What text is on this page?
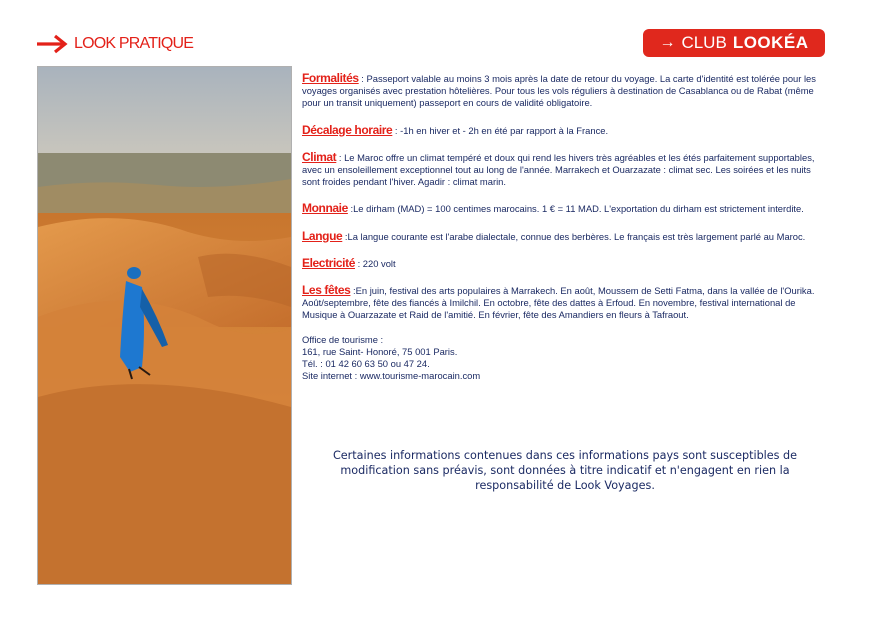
LOOK PRATIQUE	→ CLUB LOOKÉA
Formalités : Passeport valable au moins 3 mois après la date de retour du voyage. La carte d'identité est tolérée pour les voyages organisés avec prestation hôtelières. Pour tous les vols réguliers à destination de Casablanca ou de Rabat (même pour un transit uniquement) passeport en cours de validité obligatoire.
Décalage horaire : -1h en hiver et - 2h en été par rapport à la France.
Climat : Le Maroc offre un climat tempéré et doux qui rend les hivers très agréables et les étés parfaitement supportables, avec un ensoleillement exceptionnel tout au long de l'année. Marrakech et Ouarzazate : climat sec. Les soirées et les nuits sont froides pendant l'hiver. Agadir : climat marin.
Monnaie :Le dirham (MAD) = 100 centimes marocains. 1 € = 11 MAD. L'exportation du dirham est strictement interdite.
Langue :La langue courante est l'arabe dialectale, connue des berbères. Le français est très largement parlé au Maroc.
Electricité : 220 volt
Les fêtes :En juin, festival des arts populaires à Marrakech. En août, Moussem de Setti Fatma, dans la vallée de l'Ourika. Août/septembre, fête des fiancés à Imilchil. En octobre, fête des dattes à Erfoud. En novembre, festival international de Musique à Ouarzazate et Raid de l'amitié. En février, fête des Amandiers en fleurs à Tafraout.
Office de tourisme :
161, rue Saint- Honoré, 75 001 Paris.
Tél. : 01 42 60 63 50 ou 47 24.
Site internet : www.tourisme-marocain.com
Certaines informations contenues dans ces informations pays sont susceptibles de
modification sans préavis, sont données à titre indicatif et n'engagent en rien la
responsabilité de Look Voyages.
